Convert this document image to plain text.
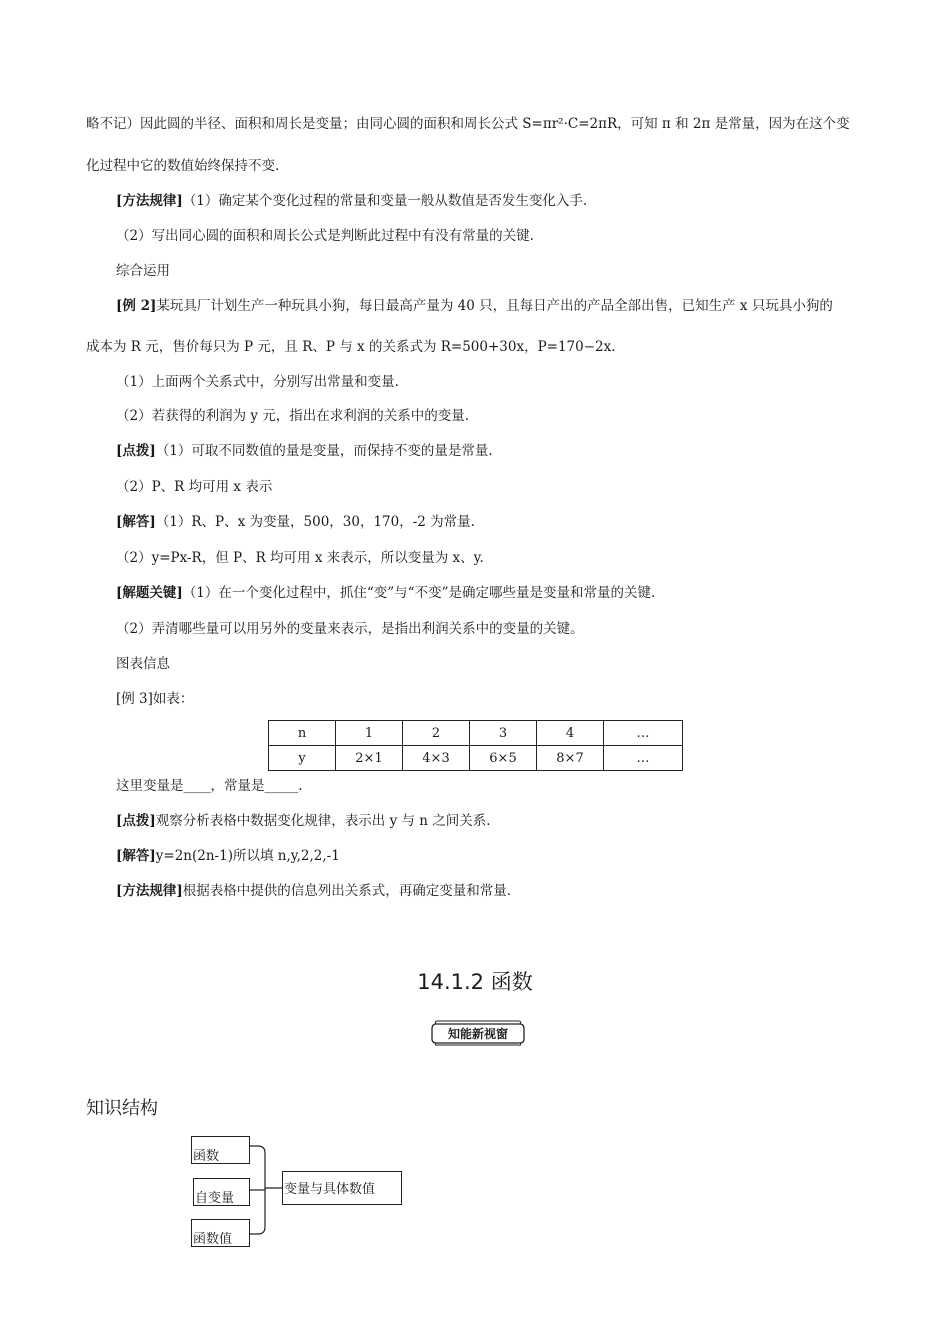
略不记）因此圆的半径、面积和周长是变量；由同心圆的面积和周长公式 S=πr²·C=2πR，可知 π 和 2π 是常量，因为在这个变
化过程中它的数值始终保持不变.
[方法规律]（1）确定某个变化过程的常量和变量一般从数值是否发生变化入手.
（2）写出同心圆的面积和周长公式是判断此过程中有没有常量的关键.
综合运用
[例 2]某玩具厂计划生产一种玩具小狗，每日最高产量为 40 只，且每日产出的产品全部出售，已知生产 x 只玩具小狗的
成本为 R 元，售价每只为 P 元，且 R、P 与 x 的关系式为 R=500+30x，P=170−2x.
（1）上面两个关系式中，分别写出常量和变量.
（2）若获得的利润为 y 元，指出在求利润的关系中的变量.
[点拨]（1）可取不同数值的量是变量，而保持不变的量是常量.
（2）P、R 均可用 x 表示
[解答]（1）R、P、x 为变量，500，30，170，-2 为常量.
（2）y=Px-R，但 P、R 均可用 x 来表示，所以变量为 x、y.
[解题关键]（1）在一个变化过程中，抓住“变”与“不变”是确定哪些量是变量和常量的关键.
（2）弄清哪些量可以用另外的变量来表示，是指出利润关系中的变量的关键。
图表信息
[例 3]如表：
n	1	2	3	4	…
y	2×1	4×3	6×5	8×7	…
这里变量是____，常量是_____.
[点拨]观察分析表格中数据变化规律，表示出 y 与 n 之间关系.
[解答]y=2n(2n-1)所以填 n,y,2,2,-1
[方法规律]根据表格中提供的信息列出关系式，再确定变量和常量.
14.1.2 函数
知能新视窗
知识结构
函数
自变量
函数值
变量与具体数值
